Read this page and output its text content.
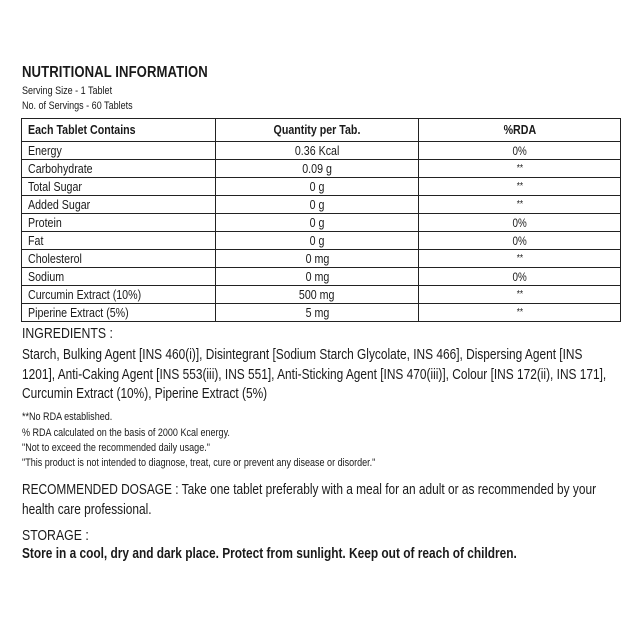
NUTRITIONAL INFORMATION
Serving Size - 1 Tablet
No. of Servings - 60 Tablets
Each Tablet Contains	Quantity per Tab.	%RDA
Energy	0.36 Kcal	0%
Carbohydrate	0.09 g	**
Total Sugar	0 g	**
Added Sugar	0 g	**
Protein	0 g	0%
Fat	0 g	0%
Cholesterol	0 mg	**
Sodium	0 mg	0%
Curcumin Extract (10%)	500 mg	**
Piperine Extract (5%)	5 mg	**
INGREDIENTS :
Starch, Bulking Agent [INS 460(i)], Disintegrant [Sodium Starch Glycolate, INS 466], Dispersing Agent [INS 1201], Anti-Caking Agent [INS 553(iii), INS 551], Anti-Sticking Agent [INS 470(iii)], Colour [INS 172(ii), INS 171], Curcumin Extract (10%), Piperine Extract (5%)
**No RDA established.
% RDA calculated on the basis of 2000 Kcal energy.
"Not to exceed the recommended daily usage."
"This product is not intended to diagnose, treat, cure or prevent any disease or disorder."
RECOMMENDED DOSAGE : Take one tablet preferably with a meal for an adult or as recommended by your health care professional.
STORAGE :
Store in a cool, dry and dark place. Protect from sunlight. Keep out of reach of children.
